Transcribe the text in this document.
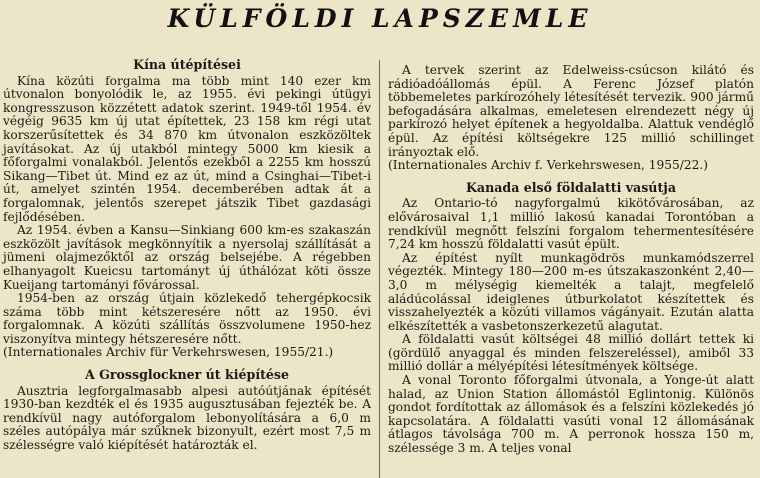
KÜLFÖLDI LAPSZEMLE
Kína útépítései

Kína közúti forgalma ma több mint 140 ezer km útvonalon bonyolódik le, az 1955. évi pekingi útügyi kongresszuson közzétett adatok szerint. 1949-től 1954. év végéig 9635 km új utat építettek, 23 158 km régi utat korszerűsítettek és 34 870 km útvonalon eszközöltek javításokat. Az új utakból mintegy 5000 km kiesik a főforgalmi vonalakból. Jelentős ezekből a 2255 km hosszú Sikang—Tibet út. Mind ez az út, mind a Csinghai—Tibet-i út, amelyet szintén 1954. decemberében adtak át a forgalomnak, jelentős szerepet játszik Tibet gazdasági fejlődésében.

Az 1954. évben a Kansu—Sinkiang 600 km-es szakaszán eszközölt javítások megkönnyítik a nyersolaj szállítását a jümeni olajmezőktől az ország belsejébe. A régebben elhanyagolt Kueicsu tartományt új úthálózat köti össze Kueijang tartományi fővárossal.

1954-ben az ország útjain közlekedő tehergépkocsik száma több mint kétszeresére nőtt az 1950. évi forgalomnak. A közúti szállítás összvolumene 1950-hez viszonyítva mintegy hétszeresére nőtt.

(Internationales Archiv für Verkehrswesen, 1955/21.)

A Grossglockner út kiépítése

Ausztria legforgalmasabb alpesi autóútjának építését 1930-ban kezdték el és 1935 augusztusában fejezték be. A rendkívül nagy autóforgalom lebonyolítására a 6,0 m széles autópálya már szűknek bizonyult, ezért most 7,5 m szélességre való kiépítését határozták el.

A tervek szerint az Edelweiss-csúcson kilátó és rádióadóállomás épül. A Ferenc József platón többemeletes parkírozóhely létesítését tervezik. 900 jármű befogadására alkalmas, emeletesen elrendezett négy új parkírozó helyet építenek a hegyoldalba. Alattuk vendéglő épül. Az építési költségekre 125 millió schillinget irányoztak elő.

(Internationales Archiv f. Verkehrswesen, 1955/22.)

Kanada első földalatti vasútja

Az Ontario-tó nagyforgalmú kikötővárosában, az elővárosaival 1,1 millió lakosú kanadai Torontóban a rendkívül megnőtt felszíni forgalom tehermentesítésére 7,24 km hosszú földalatti vasút épült.

Az építést nyílt munkagödrös munkamódszerrel végezték. Mintegy 180—200 m-es útszakaszonként 2,40—3,0 m mélységig kiemelték a talajt, megfelelő aládúcolással ideiglenes útburkolatot készítettek és visszahelyezték a közúti villamos vágányait. Ezután alatta elkészítették a vasbetonszerkezetű alagutat.

A földalatti vasút költségei 48 millió dollárt tettek ki (gördülő anyaggal és minden felszereléssel), amiből 33 millió dollár a mélyépítési létesítmények költsége.

A vonal Toronto főforgalmi útvonala, a Yonge-út alatt halad, az Union Station állomástól Eglintonig. Különös gondot fordítottak az állomások és a felszíni közlekedés jó kapcsolatára. A földalatti vasúti vonal 12 állomásának átlagos távolsága 700 m. A perronok hossza 150 m, szélessége 3 m. A teljes vonal
